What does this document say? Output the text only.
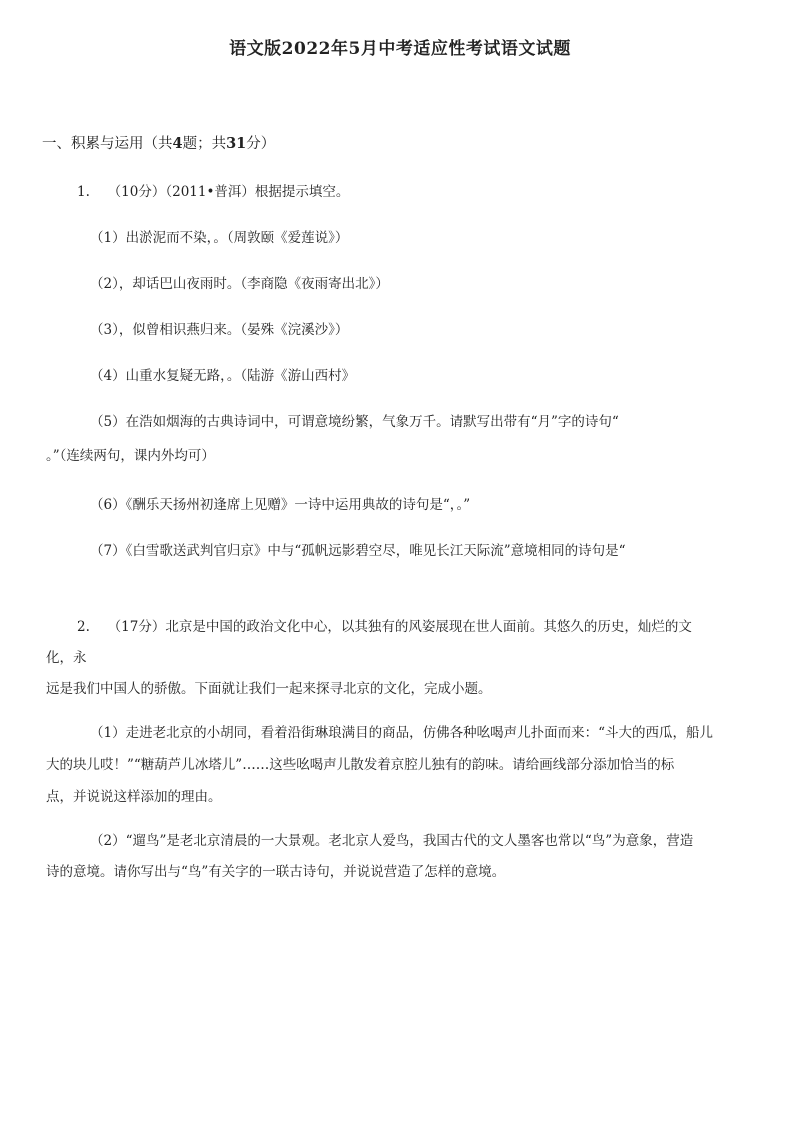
语文版2022年5月中考适应性考试语文试题
一、积累与运用（共4题；共31分）
1.　 （10分）（2011•普洱）根据提示填空。
（1）出淤泥而不染，。（周敦颐《爱莲说》）
（2），却话巴山夜雨时。（李商隐《夜雨寄出北》）
（3），似曾相识燕归来。（晏殊《浣溪沙》）
（4）山重水复疑无路，。（陆游《游山西村》
（5）在浩如烟海的古典诗词中，可谓意境纷繁，气象万千。请默写出带有“月”字的诗句“
。”（连续两句，课内外均可）
（6）《酬乐天扬州初逢席上见赠》一诗中运用典故的诗句是“，。”
（7）《白雪歌送武判官归京》中与“孤帆远影碧空尽，唯见长江天际流”意境相同的诗句是“
2.　 （17分）北京是中国的政治文化中心，以其独有的风姿展现在世人面前。其悠久的历史，灿烂的文
化，永
远是我们中国人的骄傲。下面就让我们一起来探寻北京的文化，完成小题。
（1）走进老北京的小胡同，看着沿街琳琅满目的商品，仿佛各种吆喝声儿扑面而来：“斗大的西瓜，船儿
大的块儿哎！”“糖葫芦儿冰塔儿”……这些吆喝声儿散发着京腔儿独有的韵味。请给画线部分添加恰当的标
点，并说说这样添加的理由。
（2）“遛鸟”是老北京清晨的一大景观。老北京人爱鸟，我国古代的文人墨客也常以“鸟”为意象，营造
诗的意境。请你写出与“鸟”有关字的一联古诗句，并说说营造了怎样的意境。
